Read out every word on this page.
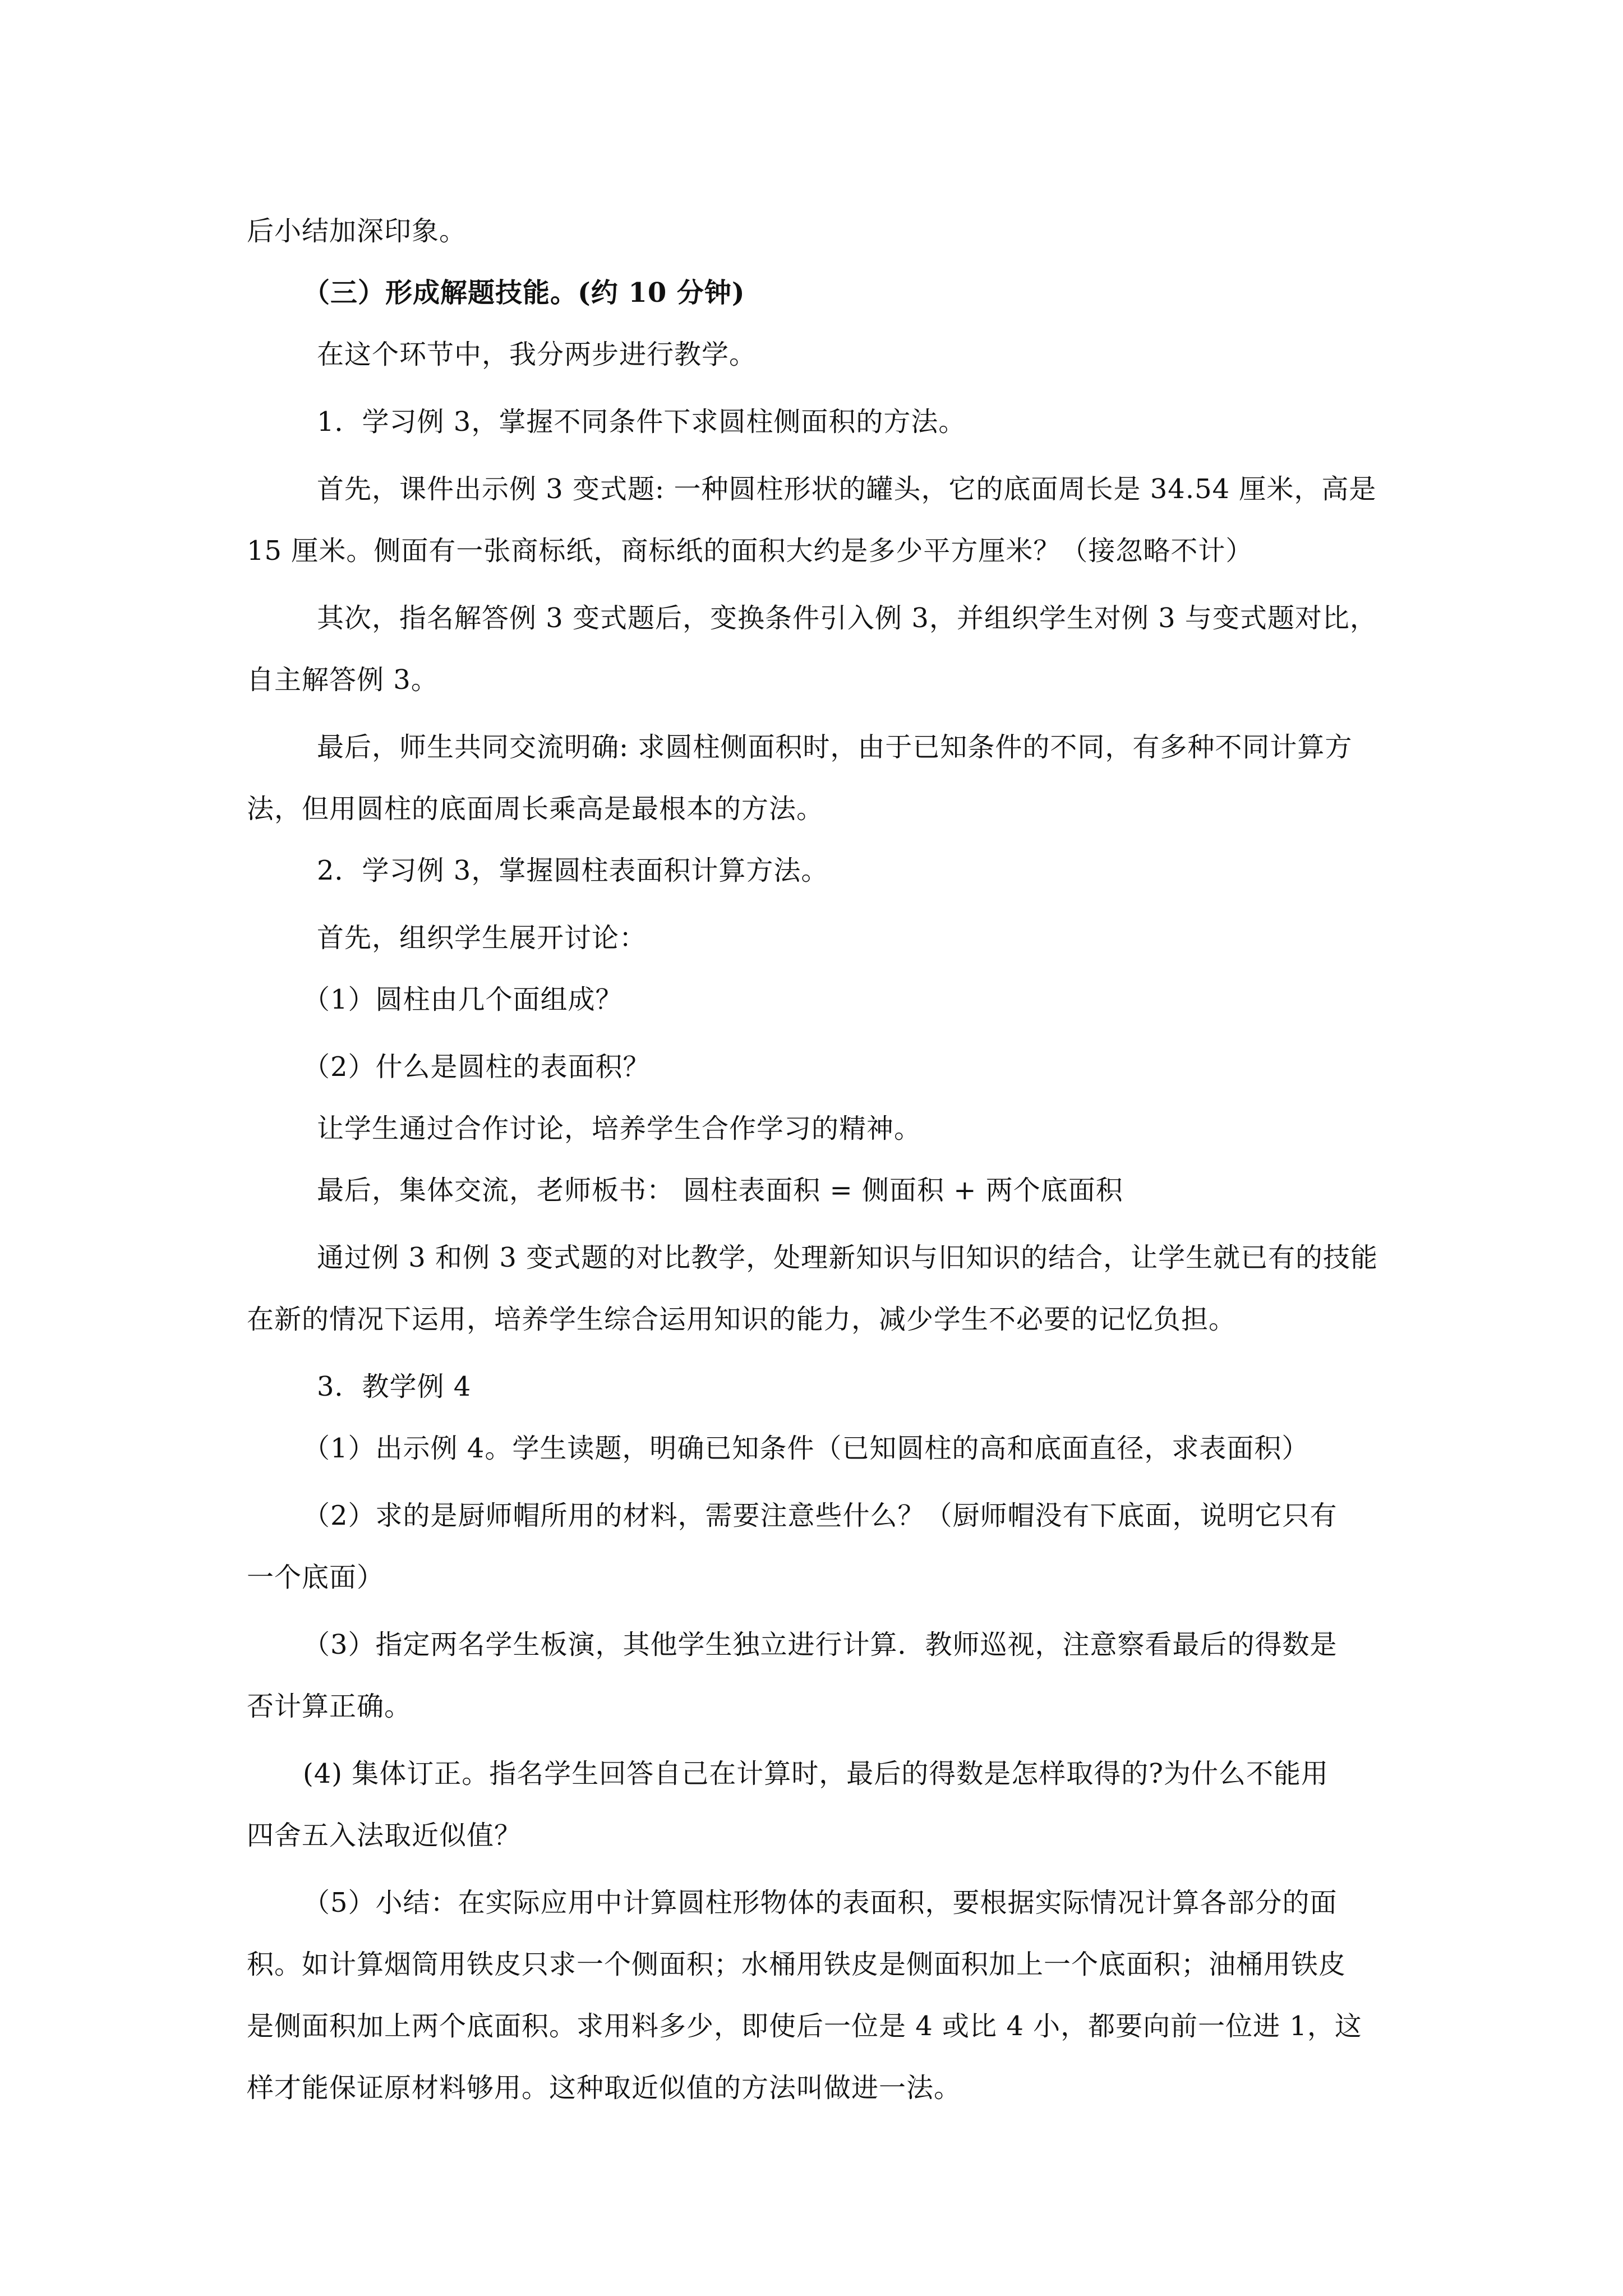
后小结加深印象。
（三）形成解题技能。(约 10 分钟)
在这个环节中，我分两步进行教学。
1．学习例 3，掌握不同条件下求圆柱侧面积的方法。
首先，课件出示例 3 变式题: 一种圆柱形状的罐头，它的底面周长是 34.54 厘米，高是
15 厘米。侧面有一张商标纸，商标纸的面积大约是多少平方厘米？（接忽略不计）
其次，指名解答例 3 变式题后，变换条件引入例 3，并组织学生对例 3 与变式题对比，
自主解答例 3。
最后，师生共同交流明确: 求圆柱侧面积时，由于已知条件的不同，有多种不同计算方
法，但用圆柱的底面周长乘高是最根本的方法。
2．学习例 3，掌握圆柱表面积计算方法。
首先，组织学生展开讨论：
（1）圆柱由几个面组成？
（2）什么是圆柱的表面积？
让学生通过合作讨论，培养学生合作学习的精神。
最后，集体交流，老师板书： 圆柱表面积 = 侧面积 + 两个底面积
通过例 3 和例 3 变式题的对比教学，处理新知识与旧知识的结合，让学生就已有的技能
在新的情况下运用，培养学生综合运用知识的能力，减少学生不必要的记忆负担。
3．教学例 4
（1）出示例 4。学生读题，明确已知条件（已知圆柱的高和底面直径，求表面积）
（2）求的是厨师帽所用的材料，需要注意些什么？（厨师帽没有下底面，说明它只有
一个底面）
（3）指定两名学生板演，其他学生独立进行计算．教师巡视，注意察看最后的得数是
否计算正确。
(4) 集体订正。指名学生回答自己在计算时，最后的得数是怎样取得的?为什么不能用
四舍五入法取近似值？
（5）小结：在实际应用中计算圆柱形物体的表面积，要根据实际情况计算各部分的面
积。如计算烟筒用铁皮只求一个侧面积；水桶用铁皮是侧面积加上一个底面积；油桶用铁皮
是侧面积加上两个底面积。求用料多少，即使后一位是 4 或比 4 小，都要向前一位进 1，这
样才能保证原材料够用。这种取近似值的方法叫做进一法。
